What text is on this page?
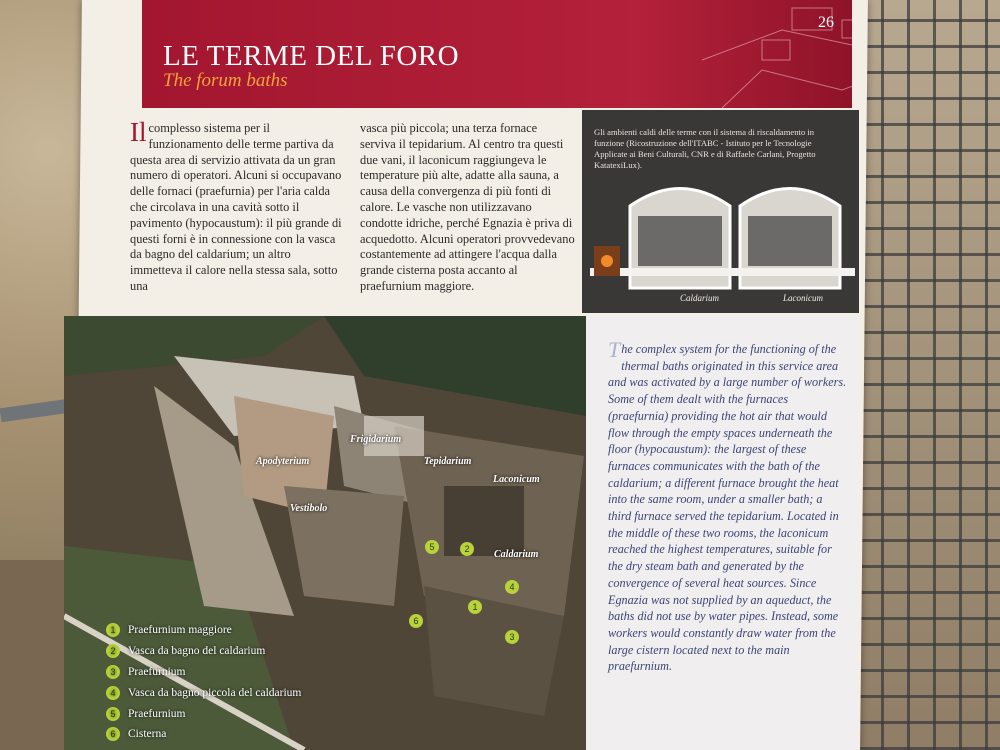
26
LE TERME DEL FORO
The forum baths
Il complesso sistema per il funzionamento delle terme partiva da questa area di servizio attivata da un gran numero di operatori. Alcuni si occupavano delle fornaci (praefurnia) per l'aria calda che circolava in una cavità sotto il pavimento (hypocaustum): il più grande di questi forni è in connessione con la vasca da bagno del caldarium; un altro immetteva il calore nella stessa sala, sotto una
vasca più piccola; una terza fornace serviva il tepidarium. Al centro tra questi due vani, il laconicum raggiungeva le temperature più alte, adatte alla sauna, a causa della convergenza di più fonti di calore. Le vasche non utilizzavano condotte idriche, perché Egnazia è priva di acquedotto. Alcuni operatori provvedevano costantemente ad attingere l'acqua dalla grande cisterna posta accanto al praefurnium maggiore.
Gli ambienti caldi delle terme con il sistema di riscaldamento in funzione (Ricostruzione dell'ITABC - Istituto per le Tecnologie Applicate ai Beni Culturali, CNR e di Raffaele Carlani, Progetto KatatexiLux).
Caldarium	Laconicum
Frigidarium
Apodyterium	Tepidarium
Laconicum
Vestibolo
Caldarium
1
2
3
4
5
6
1	Praefurnium maggiore
2	Vasca da bagno del caldarium
3	Praefurnium
4	Vasca da bagno piccola del caldarium
5	Praefurnium
6	Cisterna
T he complex system for the functioning of the thermal baths originated in this service area and was activated by a large number of workers. Some of them dealt with the furnaces (praefurnia) providing the hot air that would flow through the empty spaces underneath the floor (hypocaustum): the largest of these furnaces communicates with the bath of the caldarium; a different furnace brought the heat into the same room, under a smaller bath; a third furnace served the tepidarium. Located in the middle of these two rooms, the laconicum reached the highest temperatures, suitable for the dry steam bath and generated by the convergence of several heat sources. Since Egnazia was not supplied by an aqueduct, the baths did not use by water pipes. Instead, some workers would constantly draw water from the large cistern located next to the main praefurnium.
